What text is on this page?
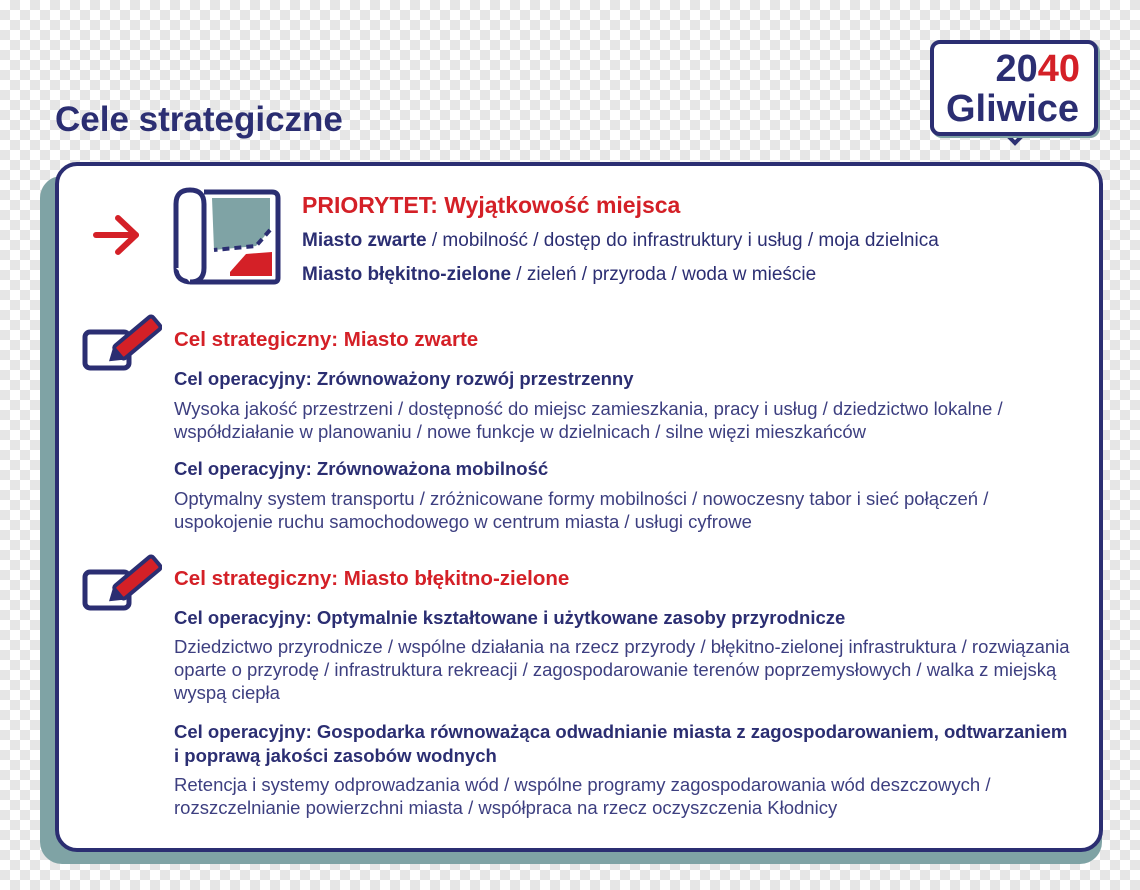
Cele strategiczne
2040
Gliwice
PRIORYTET: Wyjątkowość miejsca
Miasto zwarte / mobilność / dostęp do infrastruktury i usług / moja dzielnica
Miasto błękitno-zielone / zieleń / przyroda / woda w mieście
Cel strategiczny: Miasto zwarte
Cel operacyjny: Zrównoważony rozwój przestrzenny
Wysoka jakość przestrzeni / dostępność do miejsc zamieszkania, pracy i usług / dziedzictwo lokalne / współdziałanie w planowaniu / nowe funkcje w dzielnicach / silne więzi mieszkańców
Cel operacyjny: Zrównoważona mobilność
Optymalny system transportu / zróżnicowane formy mobilności / nowoczesny tabor i sieć połączeń / uspokojenie ruchu samochodowego w centrum miasta / usługi cyfrowe
Cel strategiczny: Miasto błękitno-zielone
Cel operacyjny: Optymalnie kształtowane i użytkowane zasoby przyrodnicze
Dziedzictwo przyrodnicze / wspólne działania na rzecz przyrody / błękitno-zielonej infrastruktura / rozwiązania oparte o przyrodę / infrastruktura rekreacji / zagospodarowanie terenów poprzemysłowych / walka z miejską wyspą ciepła
Cel operacyjny: Gospodarka równoważąca odwadnianie miasta z zagospodarowaniem, odtwarzaniem i poprawą jakości zasobów wodnych
Retencja i systemy odprowadzania wód / wspólne programy zagospodarowania wód deszczowych / rozszczelnianie powierzchni miasta / współpraca na rzecz oczyszczenia Kłodnicy
